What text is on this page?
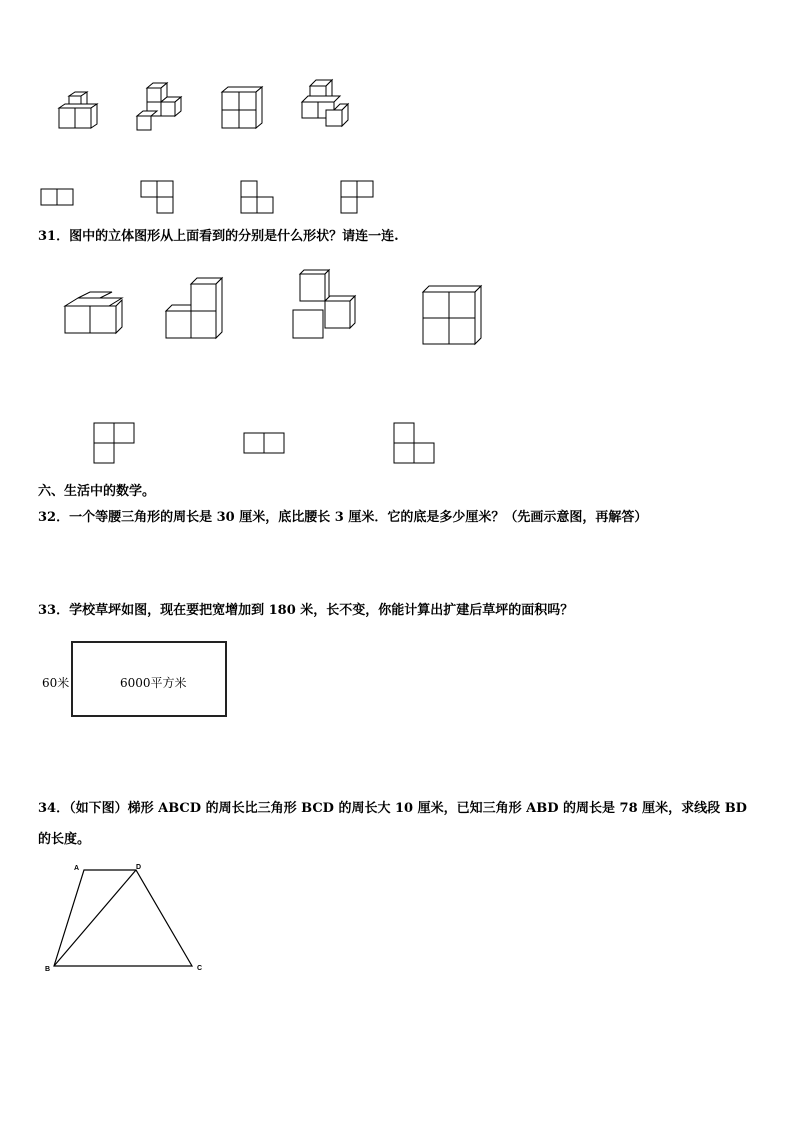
31．图中的立体图形从上面看到的分别是什么形状？请连一连.
六、生活中的数学。
32．一个等腰三角形的周长是 30 厘米，底比腰长 3 厘米．它的底是多少厘米？（先画示意图，再解答）
33．学校草坪如图，现在要把宽增加到 180 米，长不变，你能计算出扩建后草坪的面积吗？
60米	6000平方米
34．（如下图）梯形 ABCD 的周长比三角形 BCD 的周长大 10 厘米，已知三角形 ABD 的周长是 78 厘米，求线段 BD
的长度。
A	D
B	C
